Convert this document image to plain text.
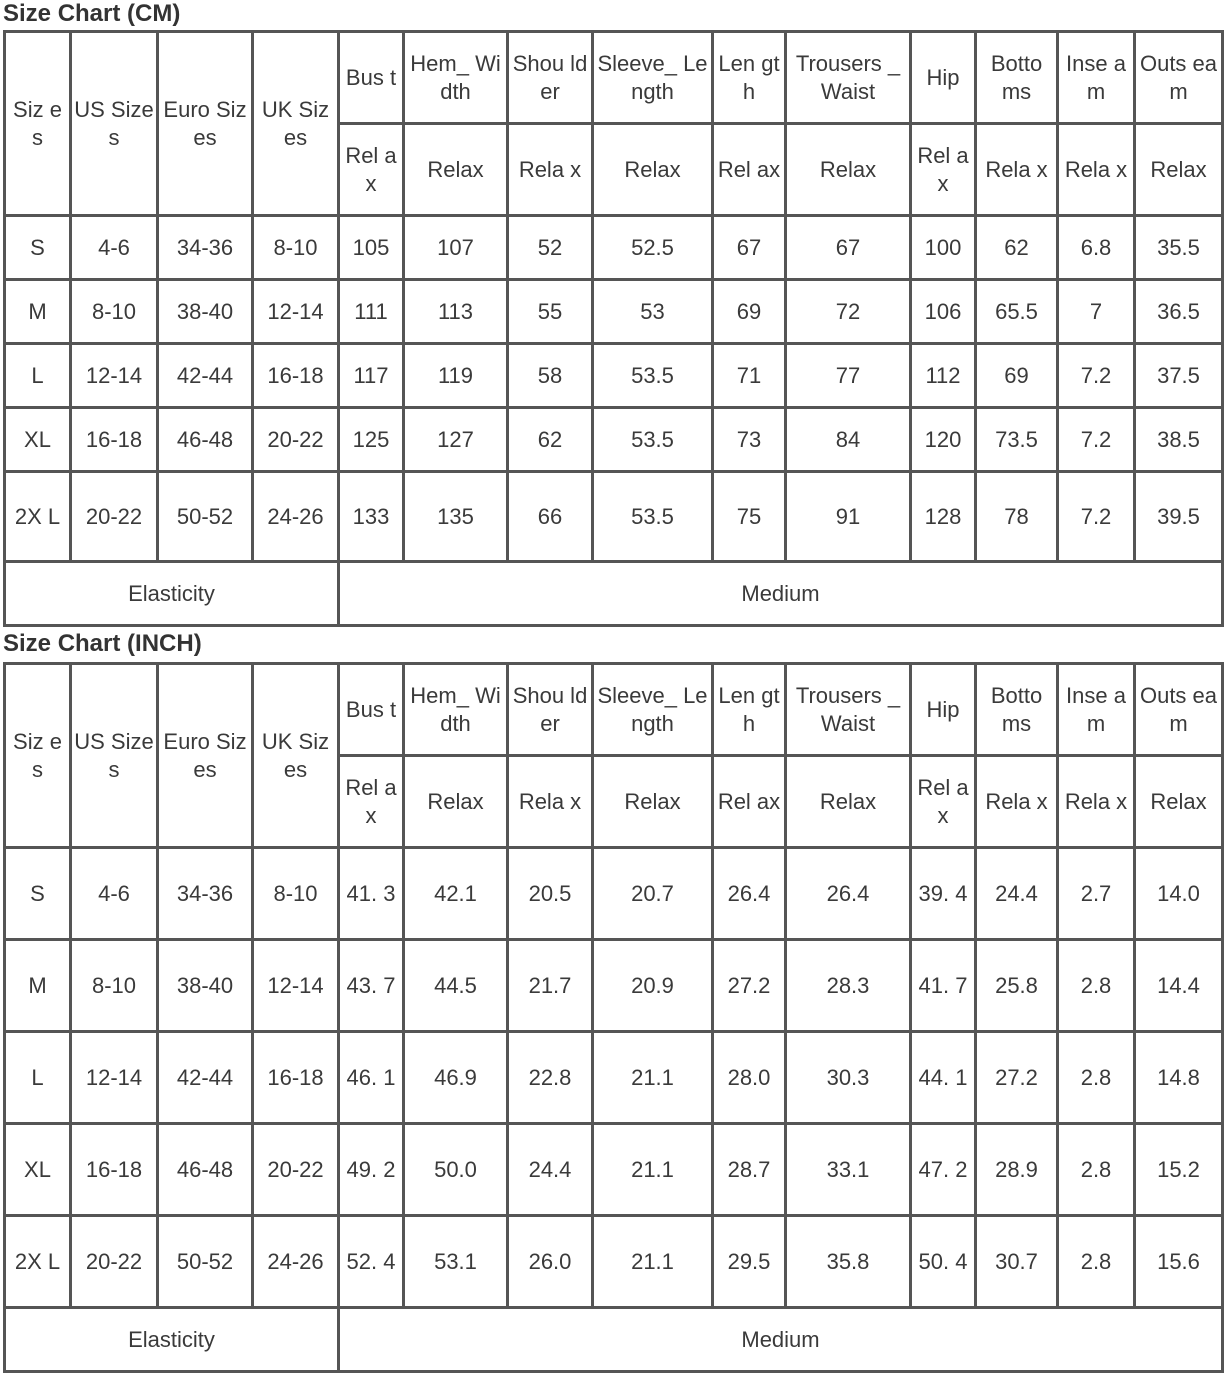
Size Chart (CM)
Siz es	US Sizes	Euro Sizes	UK Sizes	Bus t	Hem_ Width	Shou lder	Sleeve_ Length	Len gth	Trousers _Waist	Hip	Botto ms	Inse am	Outs eam
				Rel ax	Relax	Rela x	Relax	Rel ax	Relax	Rel ax	Rela x	Rela x	Relax
S	4-6	34-36	8-10	105	107	52	52.5	67	67	100	62	6.8	35.5
M	8-10	38-40	12-14	111	113	55	53	69	72	106	65.5	7	36.5
L	12-14	42-44	16-18	117	119	58	53.5	71	77	112	69	7.2	37.5
XL	16-18	46-48	20-22	125	127	62	53.5	73	84	120	73.5	7.2	38.5
2X L	20-22	50-52	24-26	133	135	66	53.5	75	91	128	78	7.2	39.5
Elasticity				Medium									
Size Chart (INCH)
Siz es	US Sizes	Euro Sizes	UK Sizes	Bus t	Hem_ Width	Shou lder	Sleeve_ Length	Len gth	Trousers _Waist	Hip	Botto ms	Inse am	Outs eam
				Rel ax	Relax	Rela x	Relax	Rel ax	Relax	Rel ax	Rela x	Rela x	Relax
S	4-6	34-36	8-10	41. 3	42.1	20.5	20.7	26.4	26.4	39. 4	24.4	2.7	14.0
M	8-10	38-40	12-14	43. 7	44.5	21.7	20.9	27.2	28.3	41. 7	25.8	2.8	14.4
L	12-14	42-44	16-18	46. 1	46.9	22.8	21.1	28.0	30.3	44. 1	27.2	2.8	14.8
XL	16-18	46-48	20-22	49. 2	50.0	24.4	21.1	28.7	33.1	47. 2	28.9	2.8	15.2
2X L	20-22	50-52	24-26	52. 4	53.1	26.0	21.1	29.5	35.8	50. 4	30.7	2.8	15.6
Elasticity				Medium									
